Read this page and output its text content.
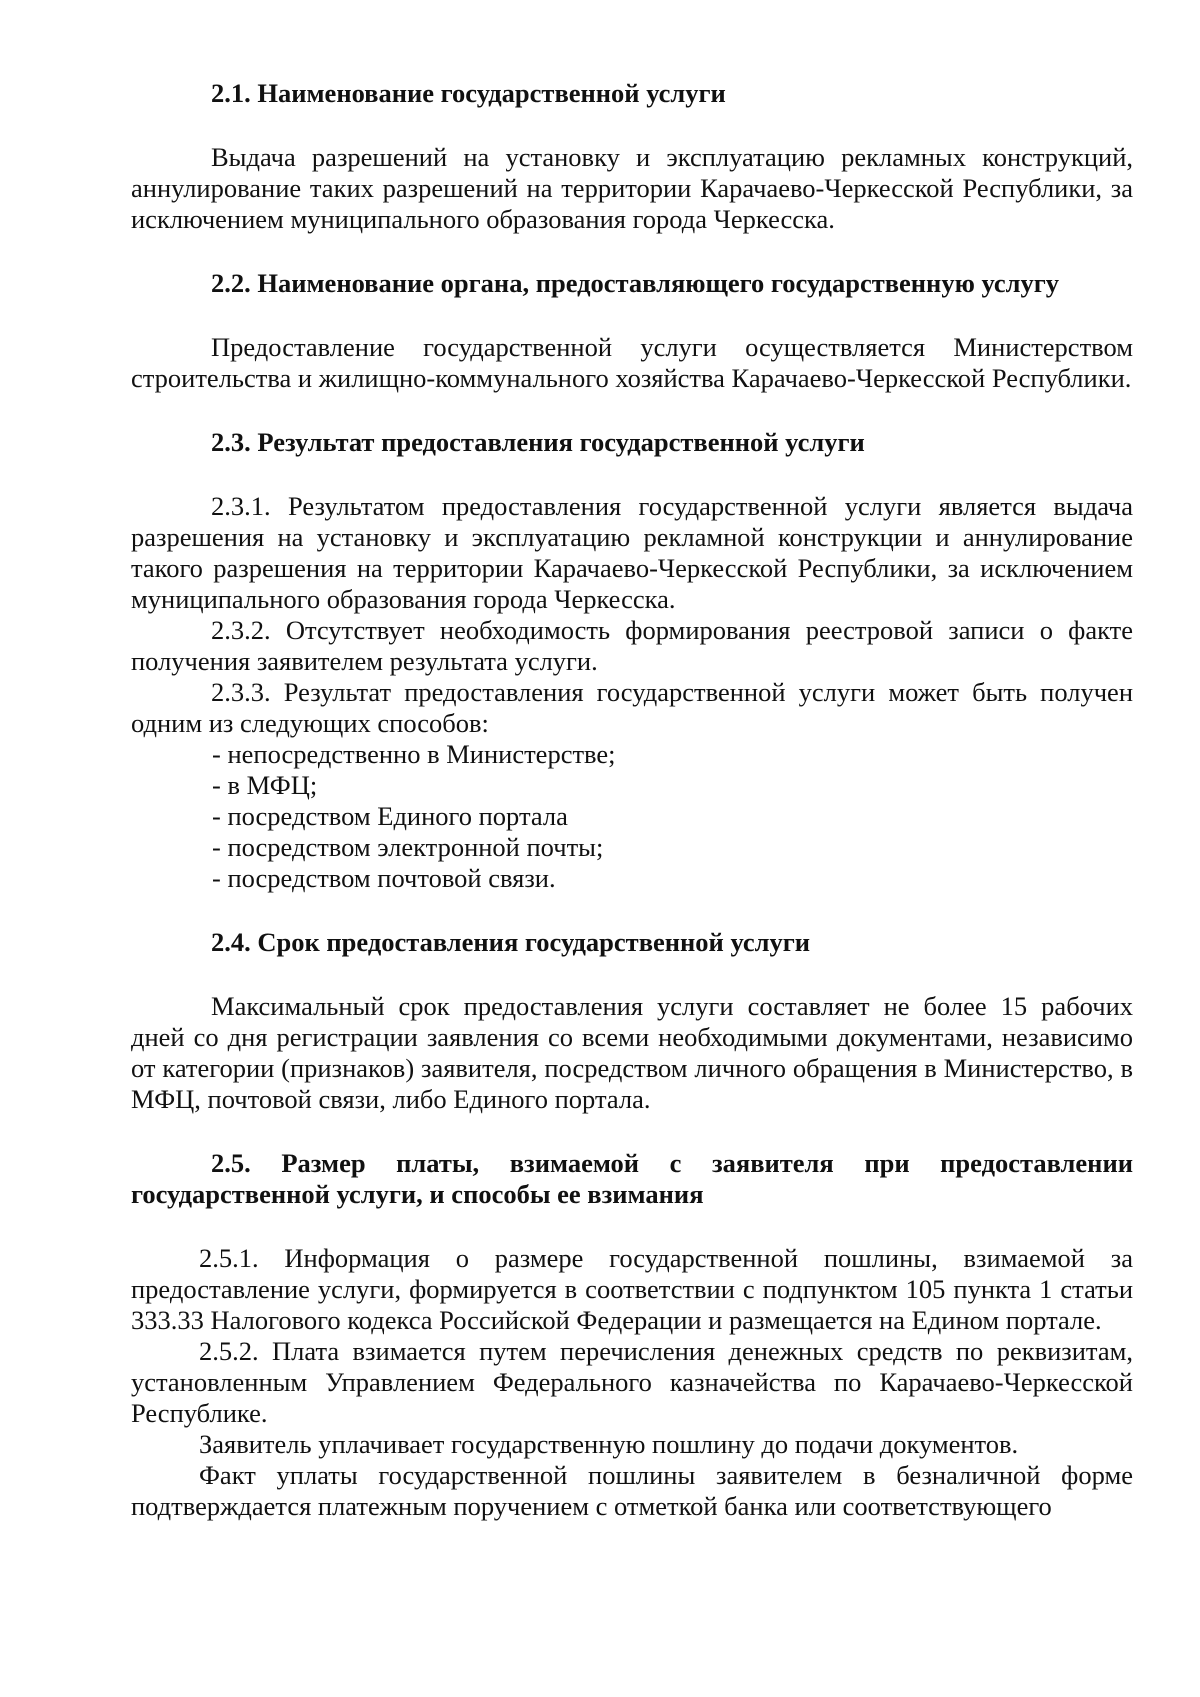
2.1. Наименование государственной услуги

Выдача разрешений на установку и эксплуатацию рекламных конструкций, аннулирование таких разрешений на территории Карачаево-Черкесской Республики, за исключением муниципального образования города Черкесска.

2.2. Наименование органа, предоставляющего государственную услугу

Предоставление государственной услуги осуществляется Министерством строительства и жилищно-коммунального хозяйства Карачаево-Черкесской Республики.

2.3. Результат предоставления государственной услуги

2.3.1. Результатом предоставления государственной услуги является выдача разрешения на установку и эксплуатацию рекламной конструкции и аннулирование такого разрешения на территории Карачаево-Черкесской Республики, за исключением муниципального образования города Черкесска.

2.3.2. Отсутствует необходимость формирования реестровой записи о факте получения заявителем результата услуги.

2.3.3. Результат предоставления государственной услуги может быть получен одним из следующих способов:

- непосредственно в Министерстве;
- в МФЦ;
- посредством Единого портала
- посредством электронной почты;
- посредством почтовой связи.
2.4. Срок предоставления государственной услуги

Максимальный срок предоставления услуги составляет не более 15 рабочих дней со дня регистрации заявления со всеми необходимыми документами, независимо от категории (признаков) заявителя, посредством личного обращения в Министерство, в МФЦ, почтовой связи, либо Единого портала.

2.5. Размер платы, взимаемой с заявителя при предоставлении государственной услуги, и способы ее взимания

2.5.1. Информация о размере государственной пошлины, взимаемой за предоставление услуги, формируется в соответствии с подпунктом 105 пункта 1 статьи 333.33 Налогового кодекса Российской Федерации и размещается на Едином портале.

2.5.2. Плата взимается путем перечисления денежных средств по реквизитам, установленным Управлением Федерального казначейства по Карачаево-Черкесской Республике.

Заявитель уплачивает государственную пошлину до подачи документов.

Факт уплаты государственной пошлины заявителем в безналичной форме подтверждается платежным поручением с отметкой банка или соответствующего
